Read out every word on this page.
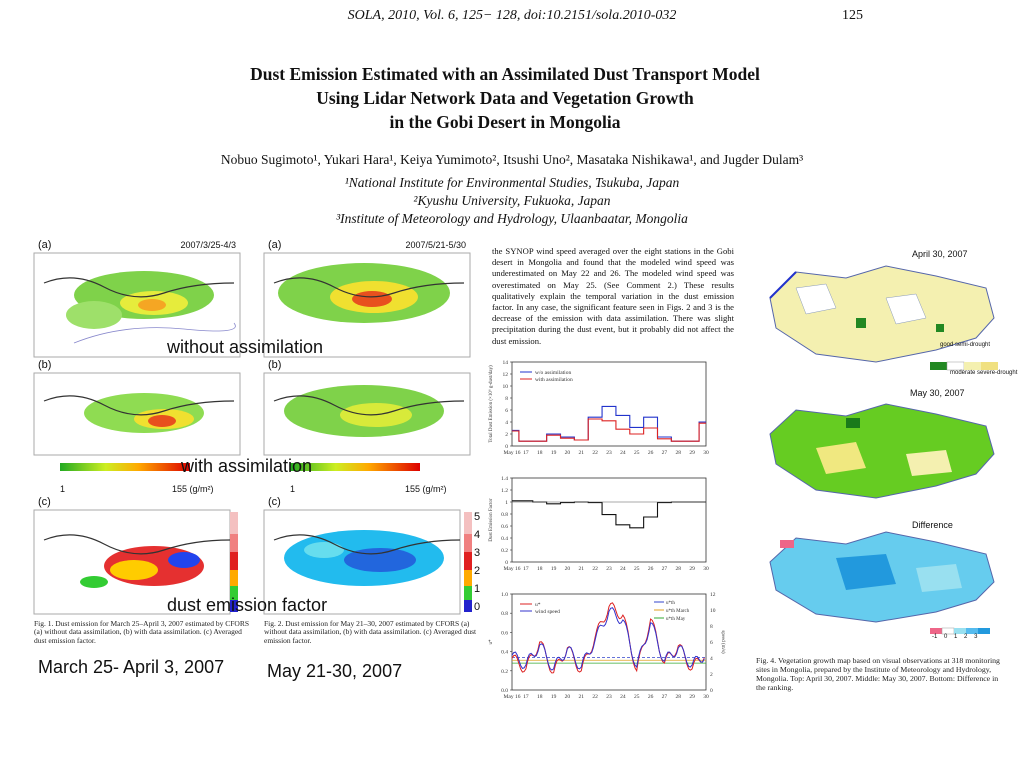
SOLA, 2010, Vol. 6, 125− 128, doi:10.2151/sola.2010-032	125
Dust Emission Estimated with an Assimilated Dust Transport Model
Using Lidar Network Data and Vegetation Growth
in the Gobi Desert in Mongolia
Nobuo Sugimoto¹, Yukari Hara¹, Keiya Yumimoto², Itsushi Uno², Masataka Nishikawa¹, and Jugder Dulam³
¹National Institute for Environmental Studies, Tsukuba, Japan
²Kyushu University, Fukuoka, Japan
³Institute of Meteorology and Hydrology, Ulaanbaatar, Mongolia
(a)	2007/3/25-4/3
(b)
1	155 (g/m²)
(c)
(a)	2007/5/21-5/30
(b)
1	155 (g/m²)
(c)
5
4
3
2
1
0
without assimilation
with assimilation
dust emission factor
Fig. 1. Dust emission for March 25–April 3, 2007 estimated by CFORS (a) without data assimilation, (b) with data assimilation. (c) Averaged dust emission factor.
Fig. 2. Dust emission for May 21–30, 2007 estimated by CFORS (a) without data assimilation, (b) with data assimilation. (c) Averaged dust emission factor.
March 25- April 3, 2007	May 21-30, 2007
the SYNOP wind speed averaged over the eight stations in the Gobi desert in Mongolia and found that the modeled wind speed was underestimated on May 22 and 26. The modeled wind speed was overestimated on May 25. (See Comment 2.) These results qualitatively explain the temporal variation in the dust emission factor. In any case, the significant feature seen in Figs. 2 and 3 is the decrease of the emission with data assimilation. There was slight precipitation during the dust event, but it probably did not affect the dust emission.
0
2
4
6
8
10
12
14
May 16 17 18 19 20 21 22 23 24 25 26 27 28 29 30
Total Dust Emission (×10⁶ g-dust/day)	w/o assimilation
with assimilation
0
0.2
0.4
0.6
0.8
1
1.2
1.4
May 16 17 18 19 20 21 22 23 24 25 26 27 28 29 30
Dust Emission Factor
0.0
0.2
0.4
0.6
0.8
1.0
May 16 17 18 19 20 21 22 23 24 25 26 27 28 29 30
u*
0
2
4
6
8
10
12
speed (m/s)
u*
wind speed
u*th
u*th March
u*th May
April 30, 2007
good semi-drought
moderate severe-drought
May 30, 2007
Difference
-1 0 1 2 3
Fig. 4. Vegetation growth map based on visual observations at 318 monitoring sites in Mongolia, prepared by the Institute of Meteorology and Hydrology, Mongolia. Top: April 30, 2007. Middle: May 30, 2007. Bottom: Difference in the ranking.
